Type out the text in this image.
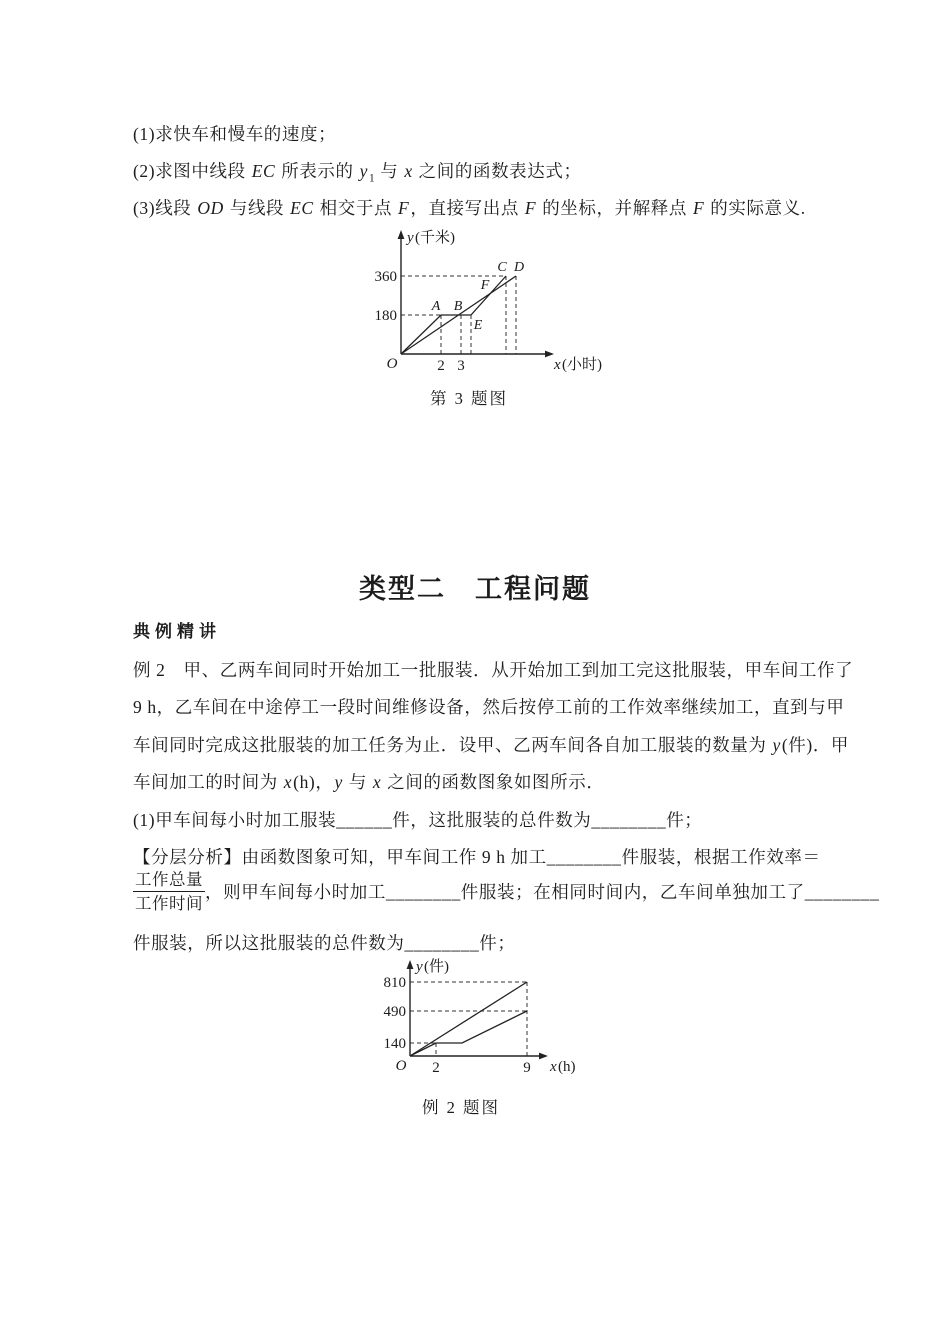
(1)求快车和慢车的速度；
(2)求图中线段 EC 所表示的 $y_1$ 与 x 之间的函数表达式；
(3)线段 OD 与线段 EC 相交于点 F，直接写出点 F 的坐标，并解释点 F 的实际意义.
y (千米)
x (小时)
O
360
180
2 3
A B
C D
E
F
第 3 题图
类型二　工程问题
典例精讲
例 2　甲、乙两车间同时开始加工一批服装．从开始加工到加工完这批服装，甲车间工作了
9 h，乙车间在中途停工一段时间维修设备，然后按停工前的工作效率继续加工，直到与甲
车间同时完成这批服装的加工任务为止．设甲、乙两车间各自加工服装的数量为 y(件)．甲
车间加工的时间为 x(h)，y 与 x 之间的函数图象如图所示．
(1)甲车间每小时加工服装______件，这批服装的总件数为________件；
【分层分析】由函数图象可知，甲车间工作 9 h 加工________件服装，根据工作效率＝
$\frac{\text{工作总量}}{\text{工作时间}}$ ，则甲车间每小时加工________件服装；在相同时间内，乙车间单独加工了________
件服装，所以这批服装的总件数为________件；
y (件)
x (h)
O
810
490
140
2	9
例 2 题图
